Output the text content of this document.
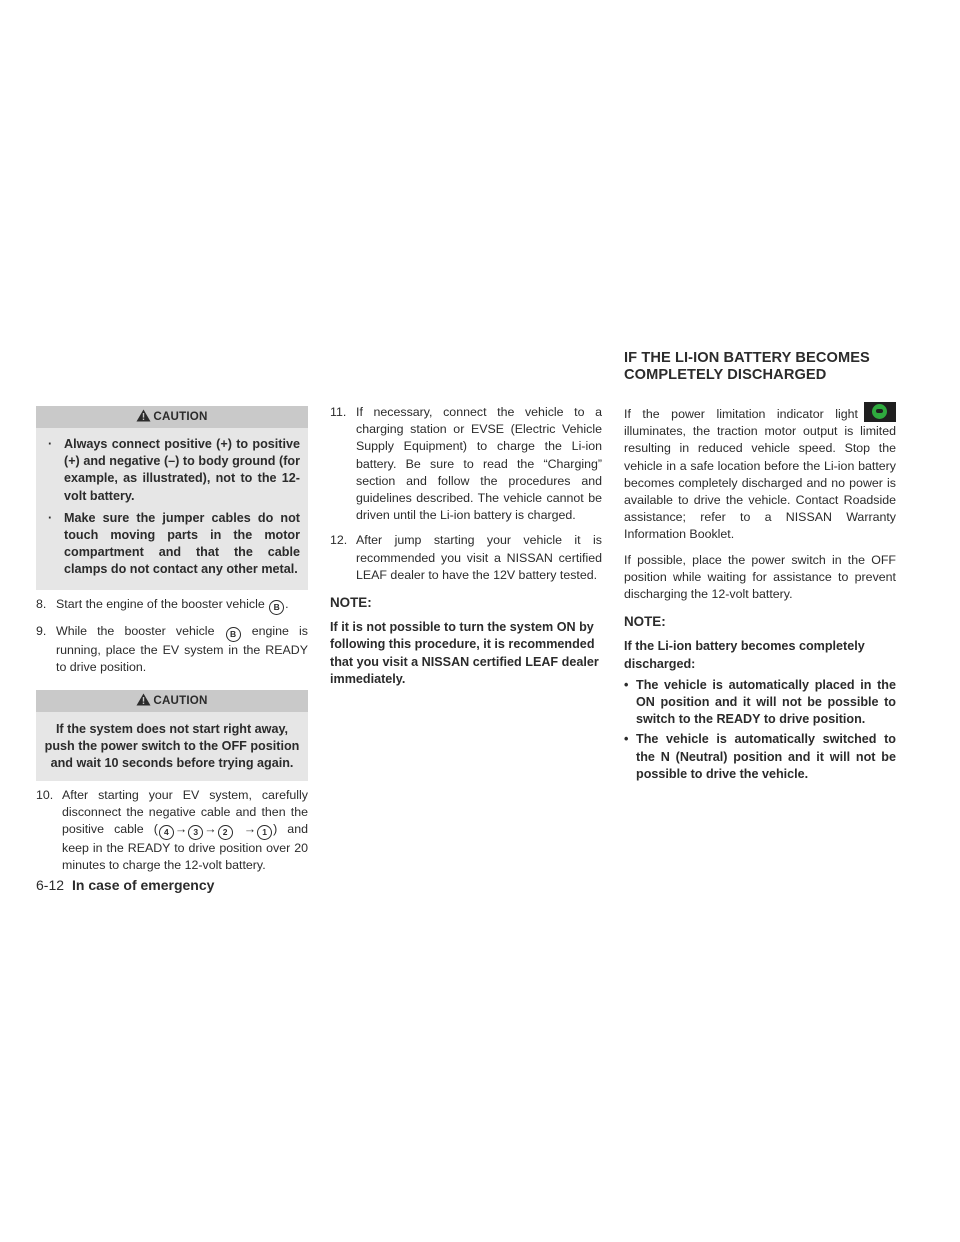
CAUTION
· Always connect positive (+) to positive (+) and negative (–) to body ground (for example, as illustrated), not to the 12-volt battery.
· Make sure the jumper cables do not touch moving parts in the motor compartment and that the cable clamps do not contact any other metal.
8. Start the engine of the booster vehicle B .
9. While the booster vehicle B engine is running, place the EV system in the READY to drive position.
CAUTION

If the system does not start right away, push the power switch to the OFF position and wait 10 seconds before trying again.

10. After starting your EV system, carefully disconnect the negative cable and then the positive cable ( 4 → 3 → 2 → 1 ) and keep in the READY to drive position over 20 minutes to charge the 12-volt battery.
11. If necessary, connect the vehicle to a charging station or EVSE (Electric Vehicle Supply Equipment) to charge the Li-ion battery. Be sure to read the “Charging” section and follow the procedures and guidelines described. The vehicle cannot be driven until the Li-ion battery is charged.
12. After jump starting your vehicle it is recommended you visit a NISSAN certified LEAF dealer to have the 12V battery tested.
NOTE:

If it is not possible to turn the system ON by following this procedure, it is recommended that you visit a NISSAN certified LEAF dealer immediately.

IF THE LI-ION BATTERY BECOMES
COMPLETELY DISCHARGED

If the power limitation indicator light
illuminates, the traction motor output is limited resulting in reduced vehicle speed. Stop the vehicle in a safe location before the Li-ion battery becomes completely discharged and no power is available to drive the vehicle. Contact Roadside assistance; refer to a NISSAN Warranty Information Booklet.

If possible, place the power switch in the OFF position while waiting for assistance to prevent discharging the 12-volt battery.

NOTE:

If the Li-ion battery becomes completely discharged:

• The vehicle is automatically placed in the ON position and it will not be possible to switch to the READY to drive position.
• The vehicle is automatically switched to the N (Neutral) position and it will not be possible to drive the vehicle.
6-12 In case of emergency
